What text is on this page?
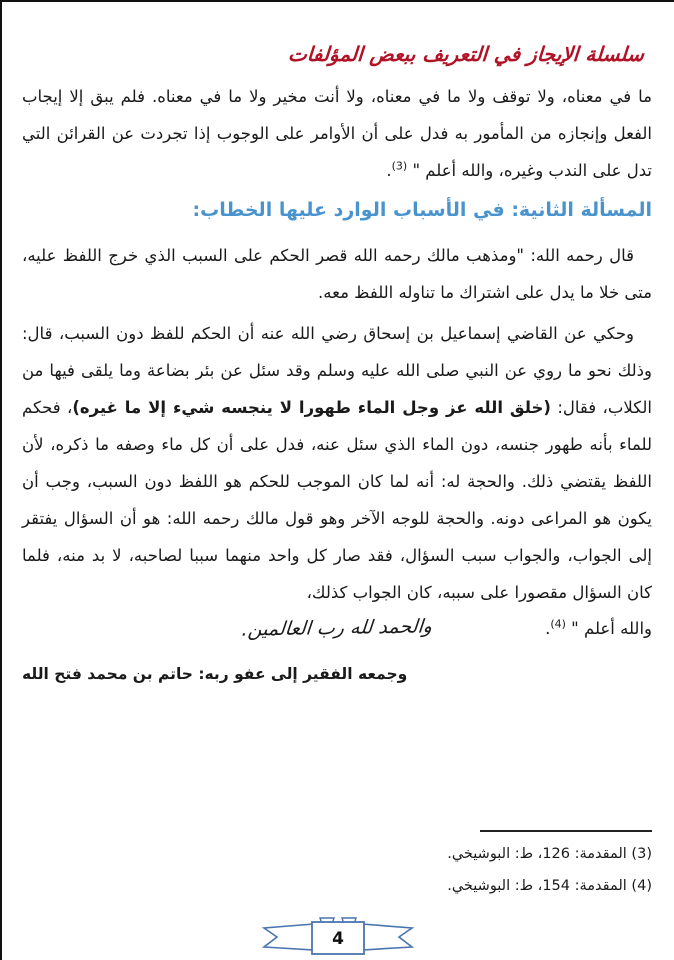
سلسلة الإيجاز في التعريف ببعض المؤلفات

ما في معناه، ولا توقف ولا ما في معناه، ولا أنت مخير ولا ما في معناه. فلم يبق إلا إيجاب الفعل وإنجازه من المأمور به فدل على أن الأوامر على الوجوب إذا تجردت عن القرائن التي تدل على الندب وغيره، والله أعلم " $^{(3)}$.

المسألة الثانية: في الأسباب الوارد عليها الخطاب:

قال رحمه الله: "ومذهب مالك رحمه الله قصر الحكم على السبب الذي خرج اللفظ عليه، متى خلا ما يدل على اشتراك ما تناوله اللفظ معه.

وحكي عن القاضي إسماعيل بن إسحاق رضي الله عنه أن الحكم للفظ دون السبب، قال: وذلك نحو ما روي عن النبي صلى الله عليه وسلم وقد سئل عن بئر بضاعة وما يلقى فيها من الكلاب، فقال: (خلق الله عز وجل الماء طهورا لا ينجسه شيء إلا ما غيره)، فحكم للماء بأنه طهور جنسه، دون الماء الذي سئل عنه، فدل على أن كل ماء وصفه ما ذكره، لأن اللفظ يقتضي ذلك. والحجة له: أنه لما كان الموجب للحكم هو اللفظ دون السبب، وجب أن يكون هو المراعى دونه. والحجة للوجه الآخر وهو قول مالك رحمه الله: هو أن السؤال يفتقر إلى الجواب، والجواب سبب السؤال، فقد صار كل واحد منهما سببا لصاحبه، لا بد منه، فلما كان السؤال مقصورا على سببه، كان الجواب كذلك،

والله أعلم " $^{(4)}$.
والحمد لله رب العالمين.
وجمعه الفقير إلى عفو ربه: حاتم بن محمد فتح الله
(3) المقدمة: 126، ط: البوشيخي.
(4) المقدمة: 154، ط: البوشيخي.
4
